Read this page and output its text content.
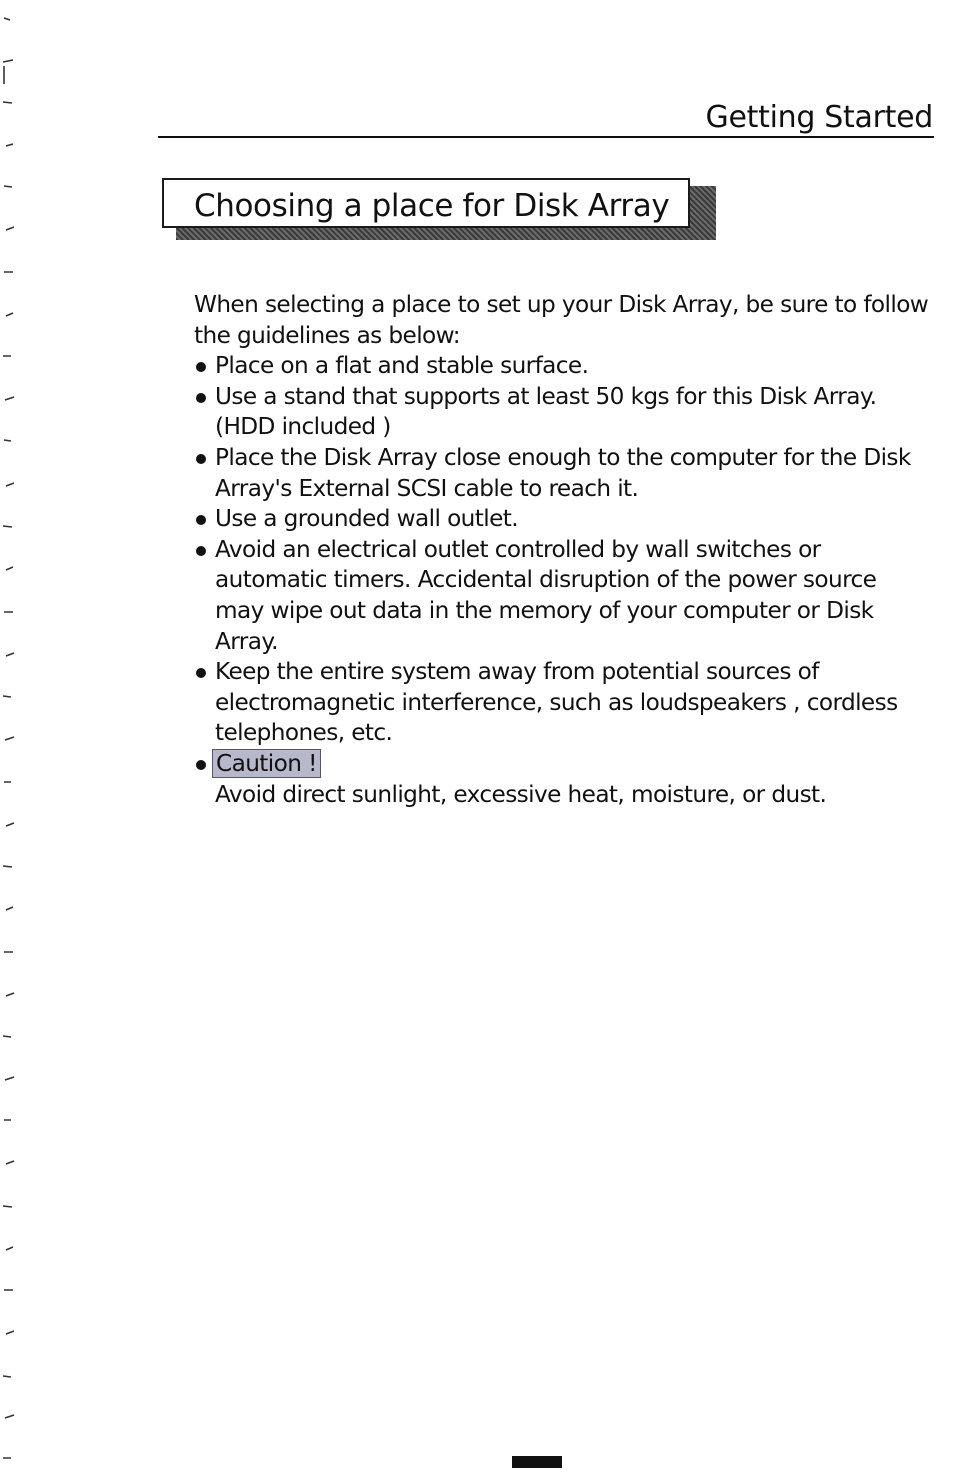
Getting Started
Choosing a place for Disk Array

When selecting a place to set up your Disk Array, be sure to follow
the guidelines as below:

Place on a flat and stable surface.
Use a stand that supports at least 50 kgs for this Disk Array.
(HDD included )
Place the Disk Array close enough to the computer for the Disk
Array's External SCSI cable to reach it.
Use a grounded wall outlet.
Avoid an electrical outlet controlled by wall switches or
automatic timers. Accidental disruption of the power source
may wipe out data in the memory of your computer or Disk
Array.
Keep the entire system away from potential sources of
electromagnetic interference, such as loudspeakers , cordless
telephones, etc.
Caution !
Avoid direct sunlight, excessive heat, moisture, or dust.
